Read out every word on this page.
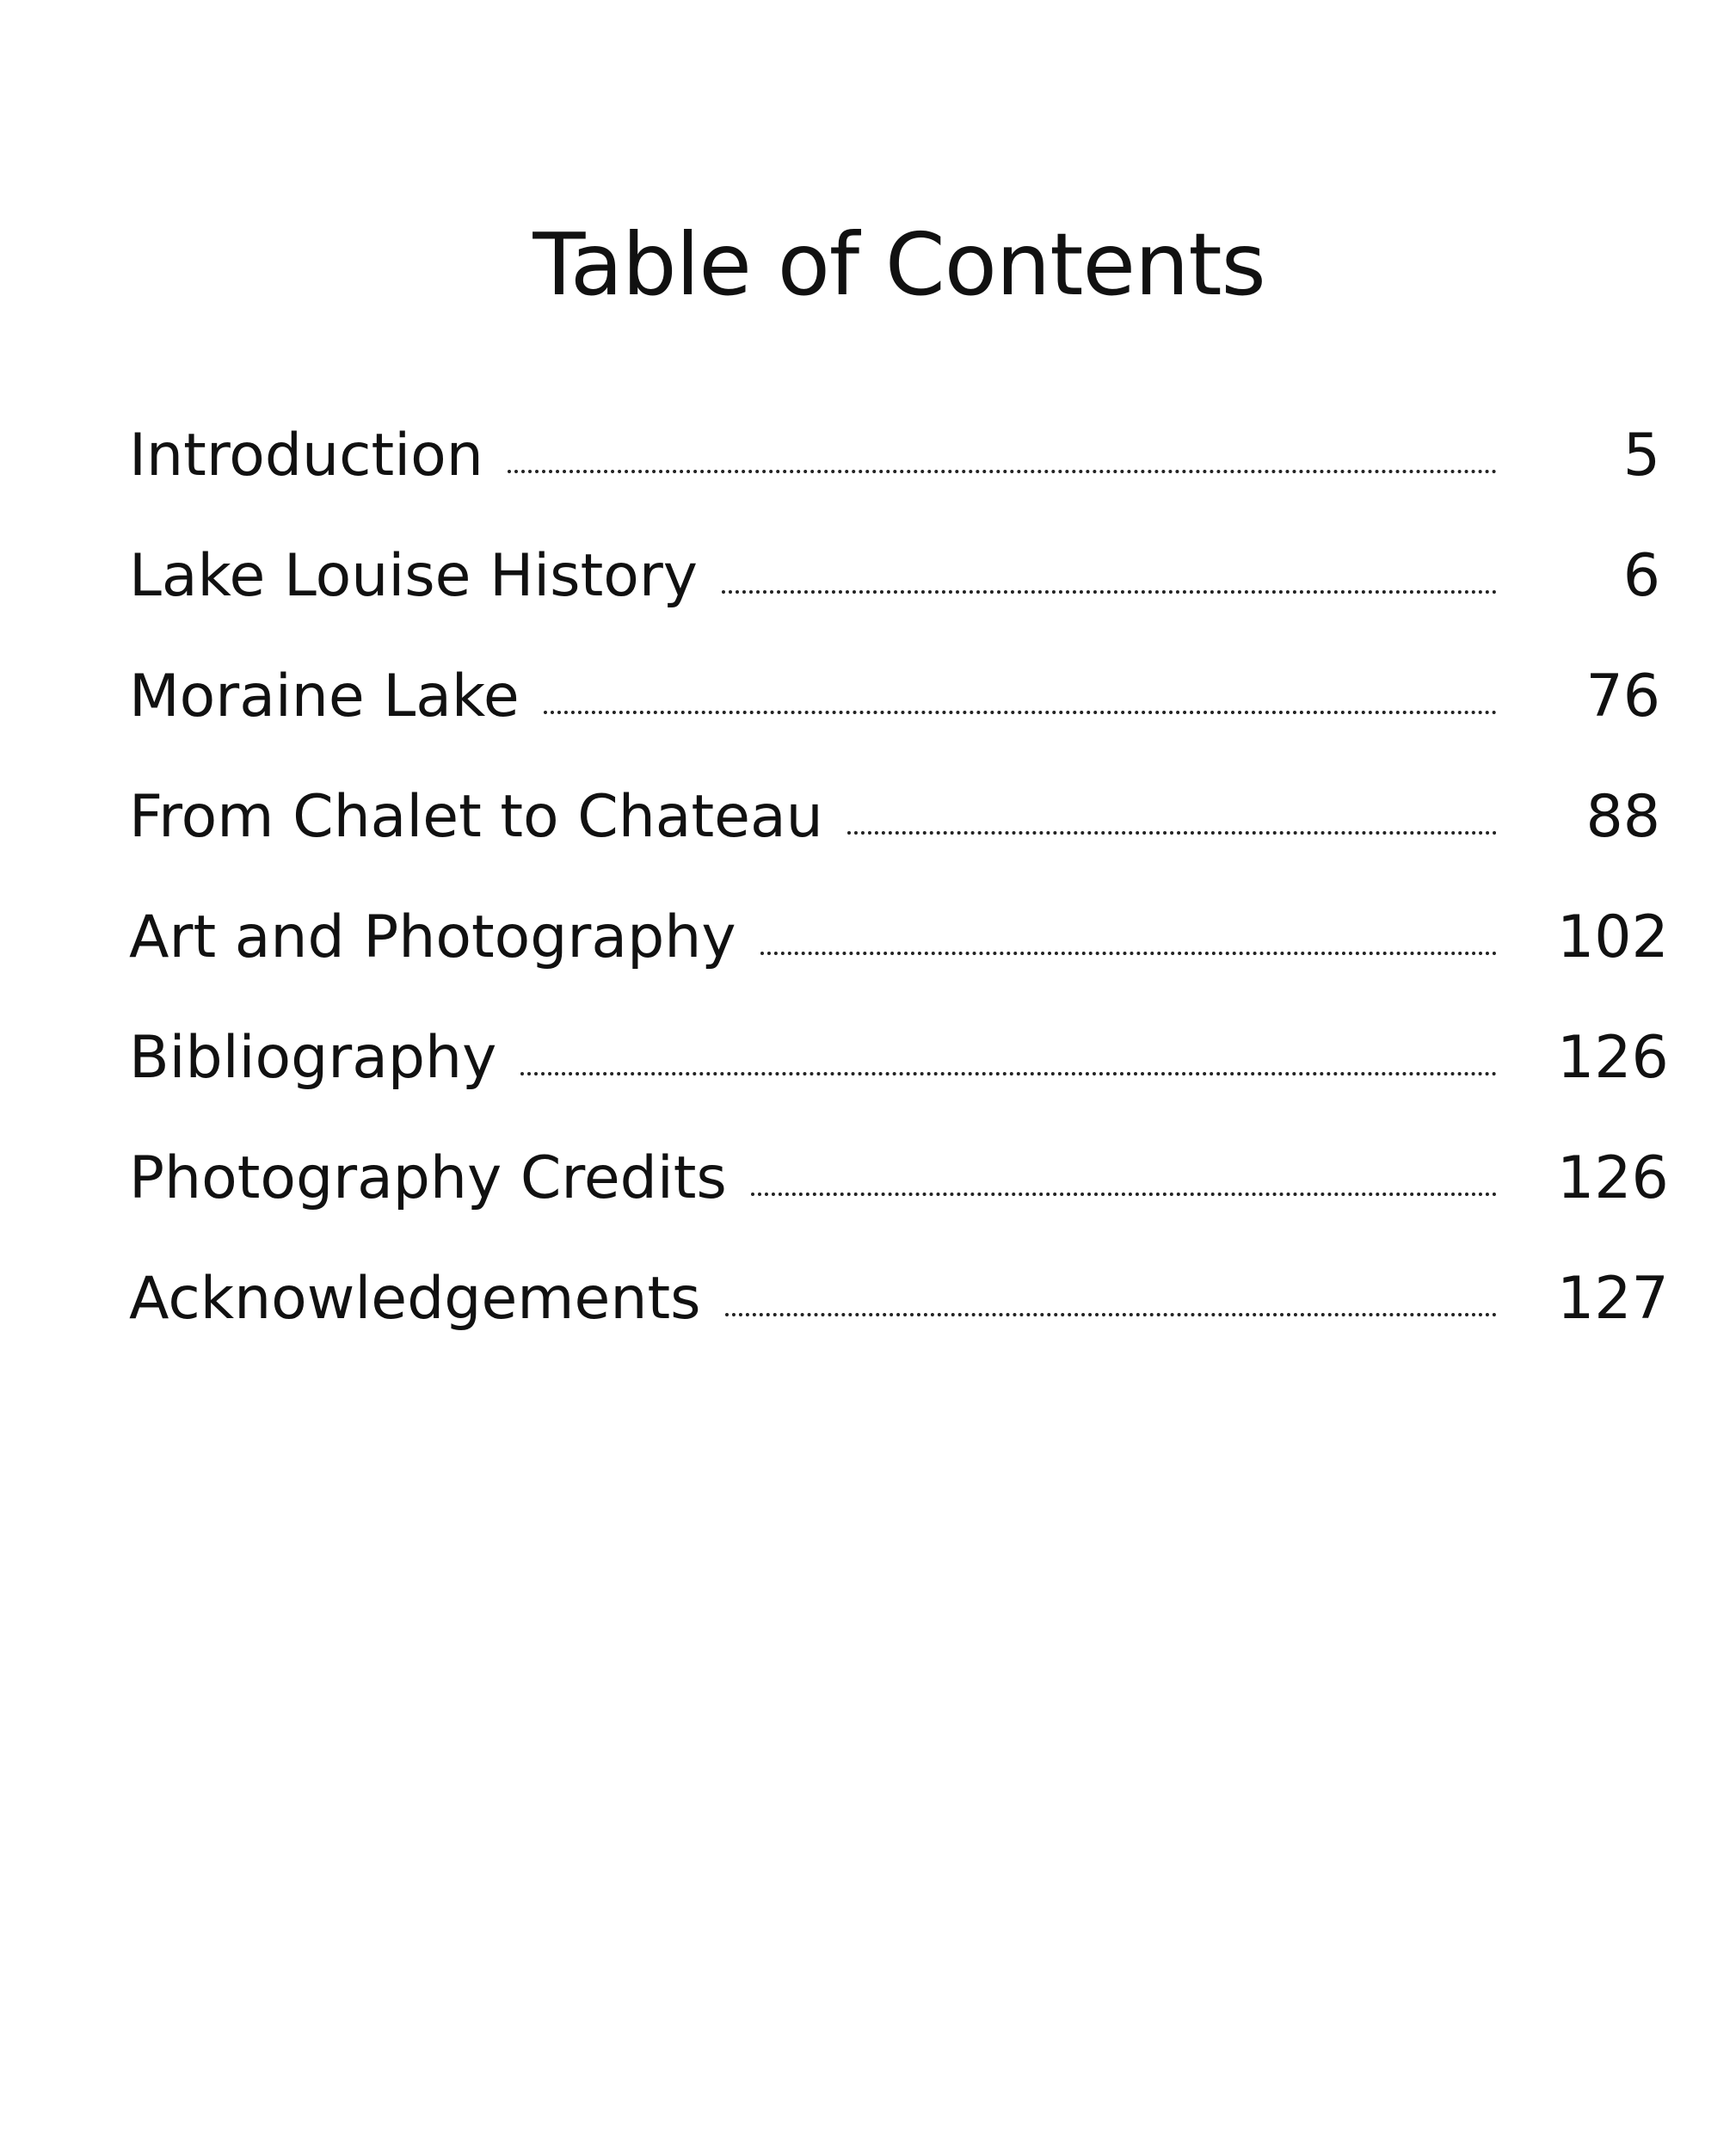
Table of Contents
Introduction	5
Lake Louise History	6
Moraine Lake	76
From Chalet to Chateau	88
Art and Photography	102
Bibliography	126
Photography Credits	126
Acknowledgements	127
